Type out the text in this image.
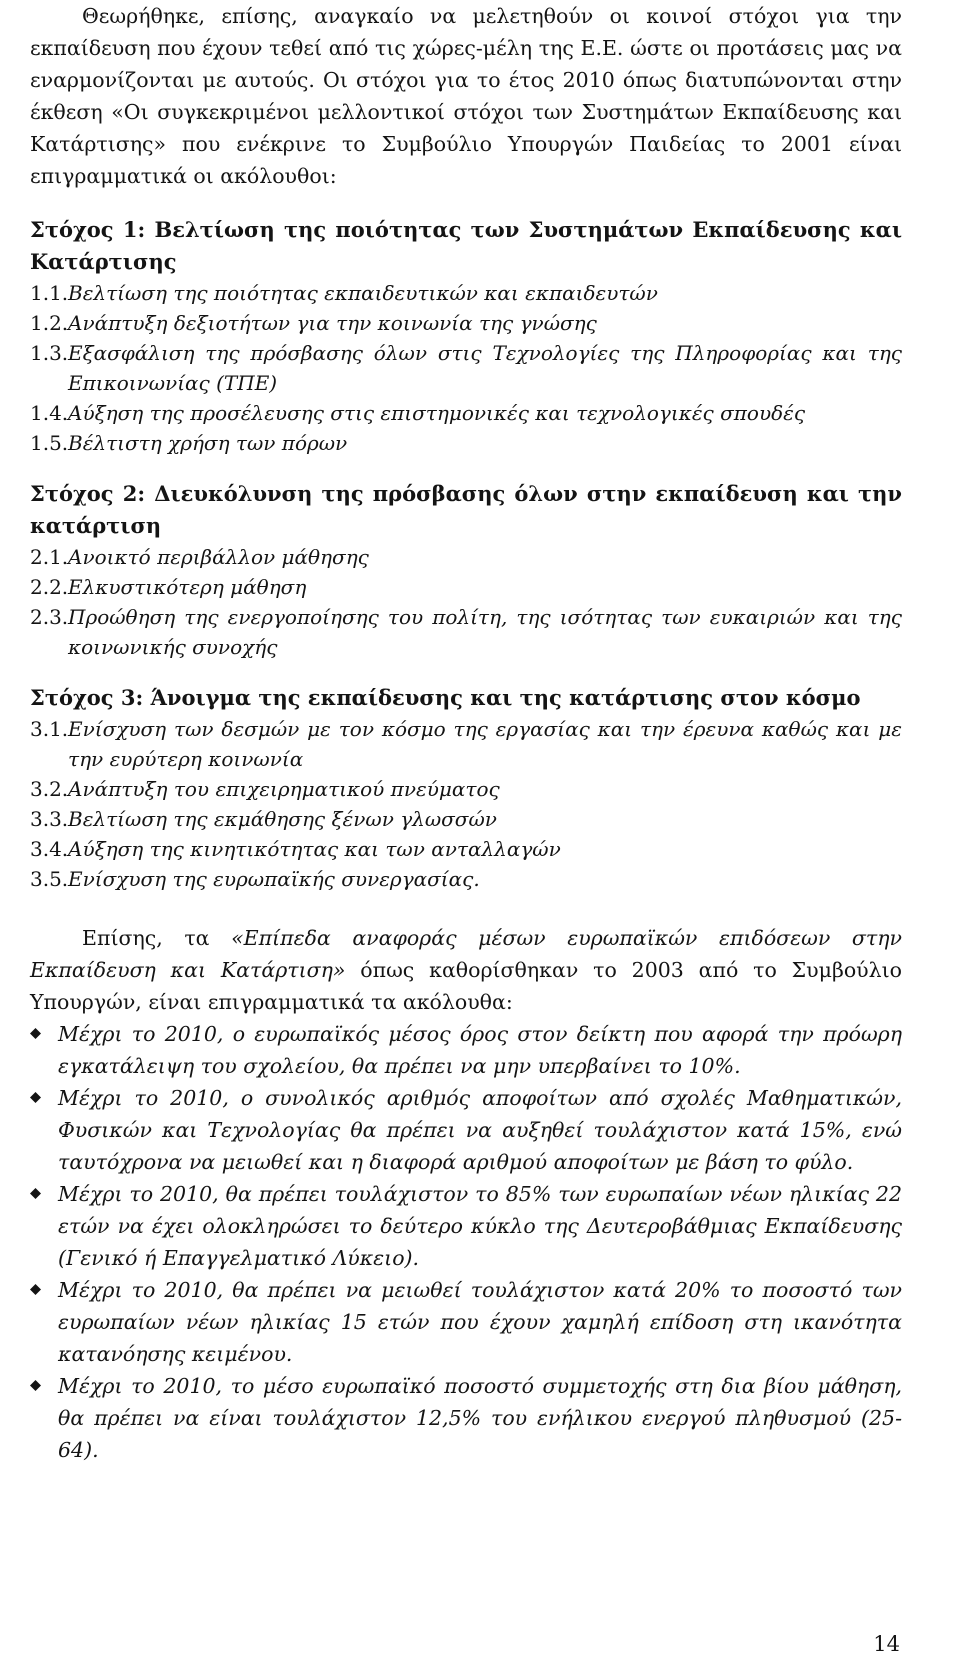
Θεωρήθηκε, επίσης, αναγκαίο να μελετηθούν οι κοινοί στόχοι για την εκπαίδευση που έχουν τεθεί από τις χώρες-μέλη της Ε.Ε. ώστε οι προτάσεις μας να εναρμονίζονται με αυτούς. Οι στόχοι για το έτος 2010 όπως διατυπώνονται στην έκθεση «Οι συγκεκριμένοι μελλοντικοί στόχοι των Συστημάτων Εκπαίδευσης και Κατάρτισης» που ενέκρινε το Συμβούλιο Υπουργών Παιδείας το 2001 είναι επιγραμματικά οι ακόλουθοι:

Στόχος 1: Βελτίωση της ποιότητας των Συστημάτων Εκπαίδευσης και Κατάρτισης

1.1.Βελτίωση της ποιότητας εκπαιδευτικών και εκπαιδευτών
1.2.Ανάπτυξη δεξιοτήτων για την κοινωνία της γνώσης
1.3.Εξασφάλιση της πρόσβασης όλων στις Τεχνολογίες της Πληροφορίας και της Επικοινωνίας (ΤΠΕ)
1.4.Αύξηση της προσέλευσης στις επιστημονικές και τεχνολογικές σπουδές
1.5.Βέλτιστη χρήση των πόρων

Στόχος 2: Διευκόλυνση της πρόσβασης όλων στην εκπαίδευση και την κατάρτιση

2.1.Ανοικτό περιβάλλον μάθησης
2.2.Ελκυστικότερη μάθηση
2.3.Προώθηση της ενεργοποίησης του πολίτη, της ισότητας των ευκαιριών και της κοινωνικής συνοχής

Στόχος 3: Άνοιγμα της εκπαίδευσης και της κατάρτισης στον κόσμο

3.1.Ενίσχυση των δεσμών με τον κόσμο της εργασίας και την έρευνα καθώς και με την ευρύτερη κοινωνία
3.2.Ανάπτυξη του επιχειρηματικού πνεύματος
3.3.Βελτίωση της εκμάθησης ξένων γλωσσών
3.4.Αύξηση της κινητικότητας και των ανταλλαγών
3.5.Ενίσχυση της ευρωπαϊκής συνεργασίας.

Επίσης, τα «Επίπεδα αναφοράς μέσων ευρωπαϊκών επιδόσεων στην Εκπαίδευση και Κατάρτιση» όπως καθορίσθηκαν το 2003 από το Συμβούλιο Υπουργών, είναι επιγραμματικά τα ακόλουθα:

Μέχρι το 2010, ο ευρωπαϊκός μέσος όρος στον δείκτη που αφορά την πρόωρη εγκατάλειψη του σχολείου, θα πρέπει να μην υπερβαίνει το 10%.
Μέχρι το 2010, ο συνολικός αριθμός αποφοίτων από σχολές Μαθηματικών, Φυσικών και Τεχνολογίας θα πρέπει να αυξηθεί τουλάχιστον κατά 15%, ενώ ταυτόχρονα να μειωθεί και η διαφορά αριθμού αποφοίτων με βάση το φύλο.
Μέχρι το 2010, θα πρέπει τουλάχιστον το 85% των ευρωπαίων νέων ηλικίας 22 ετών να έχει ολοκληρώσει το δεύτερο κύκλο της Δευτεροβάθμιας Εκπαίδευσης (Γενικό ή Επαγγελματικό Λύκειο).
Μέχρι το 2010, θα πρέπει να μειωθεί τουλάχιστον κατά 20% το ποσοστό των ευρωπαίων νέων ηλικίας 15 ετών που έχουν χαμηλή επίδοση στη ικανότητα κατανόησης κειμένου.
Μέχρι το 2010, το μέσο ευρωπαϊκό ποσοστό συμμετοχής στη δια βίου μάθηση, θα πρέπει να είναι τουλάχιστον 12,5% του ενήλικου ενεργού πληθυσμού (25-64).
14
